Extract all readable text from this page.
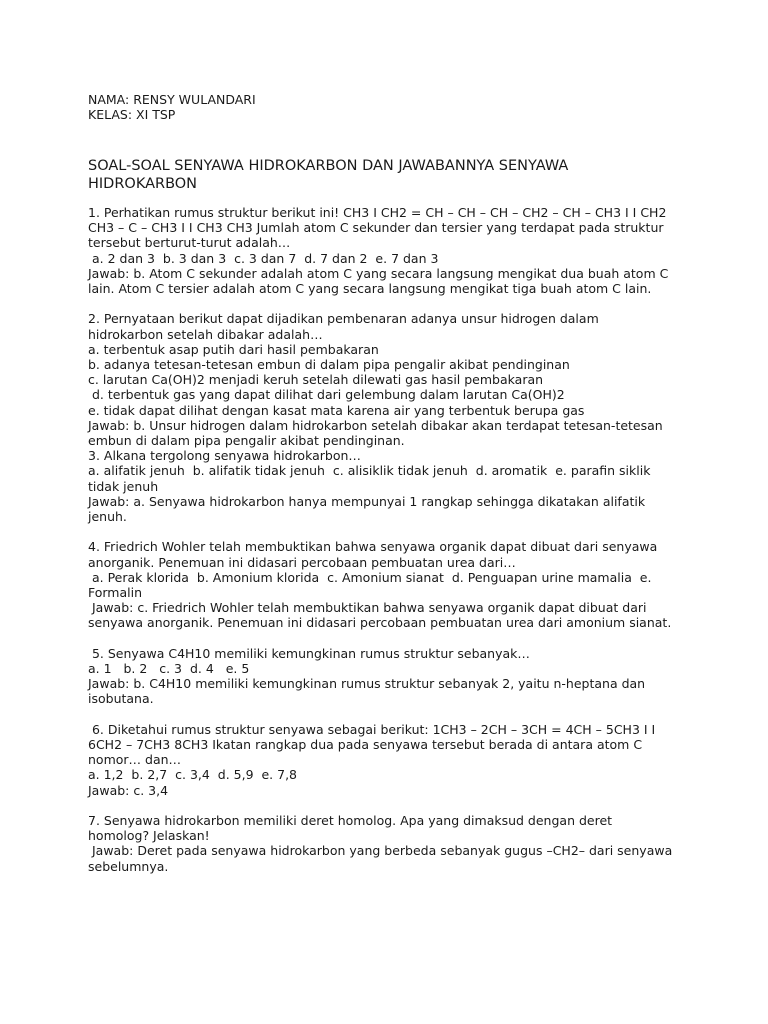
NAMA: RENSY WULANDARI

KELAS: XI TSP

SOAL-SOAL SENYAWA HIDROKARBON DAN JAWABANNYA SENYAWA
HIDROKARBON

1. Perhatikan rumus struktur berikut ini! CH3 I CH2 = CH – CH – CH – CH2 – CH – CH3 I I CH2

CH3 – C – CH3 I I CH3 CH3 Jumlah atom C sekunder dan tersier yang terdapat pada struktur

tersebut berturut-turut adalah…

a. 2 dan 3  b. 3 dan 3  c. 3 dan 7  d. 7 dan 2  e. 7 dan 3

Jawab: b. Atom C sekunder adalah atom C yang secara langsung mengikat dua buah atom C

lain. Atom C tersier adalah atom C yang secara langsung mengikat tiga buah atom C lain.

2. Pernyataan berikut dapat dijadikan pembenaran adanya unsur hidrogen dalam

hidrokarbon setelah dibakar adalah…

a. terbentuk asap putih dari hasil pembakaran

b. adanya tetesan-tetesan embun di dalam pipa pengalir akibat pendinginan

c. larutan Ca(OH)2 menjadi keruh setelah dilewati gas hasil pembakaran

d. terbentuk gas yang dapat dilihat dari gelembung dalam larutan Ca(OH)2

e. tidak dapat dilihat dengan kasat mata karena air yang terbentuk berupa gas

Jawab: b. Unsur hidrogen dalam hidrokarbon setelah dibakar akan terdapat tetesan-tetesan

embun di dalam pipa pengalir akibat pendinginan.

3. Alkana tergolong senyawa hidrokarbon…

a. alifatik jenuh  b. alifatik tidak jenuh  c. alisiklik tidak jenuh  d. aromatik  e. parafin siklik

tidak jenuh

Jawab: a. Senyawa hidrokarbon hanya mempunyai 1 rangkap sehingga dikatakan alifatik

jenuh.

4. Friedrich Wohler telah membuktikan bahwa senyawa organik dapat dibuat dari senyawa

anorganik. Penemuan ini didasari percobaan pembuatan urea dari…

a. Perak klorida  b. Amonium klorida  c. Amonium sianat  d. Penguapan urine mamalia  e.

Formalin

Jawab: c. Friedrich Wohler telah membuktikan bahwa senyawa organik dapat dibuat dari

senyawa anorganik. Penemuan ini didasari percobaan pembuatan urea dari amonium sianat.

5. Senyawa C4H10 memiliki kemungkinan rumus struktur sebanyak…

a. 1   b. 2   c. 3  d. 4   e. 5

Jawab: b. C4H10 memiliki kemungkinan rumus struktur sebanyak 2, yaitu n-heptana dan

isobutana.

6. Diketahui rumus struktur senyawa sebagai berikut: 1CH3 – 2CH – 3CH = 4CH – 5CH3 I I

6CH2 – 7CH3 8CH3 Ikatan rangkap dua pada senyawa tersebut berada di antara atom C

nomor… dan…

a. 1,2  b. 2,7  c. 3,4  d. 5,9  e. 7,8

Jawab: c. 3,4

7. Senyawa hidrokarbon memiliki deret homolog. Apa yang dimaksud dengan deret

homolog? Jelaskan!

Jawab: Deret pada senyawa hidrokarbon yang berbeda sebanyak gugus –CH2– dari senyawa

sebelumnya.
